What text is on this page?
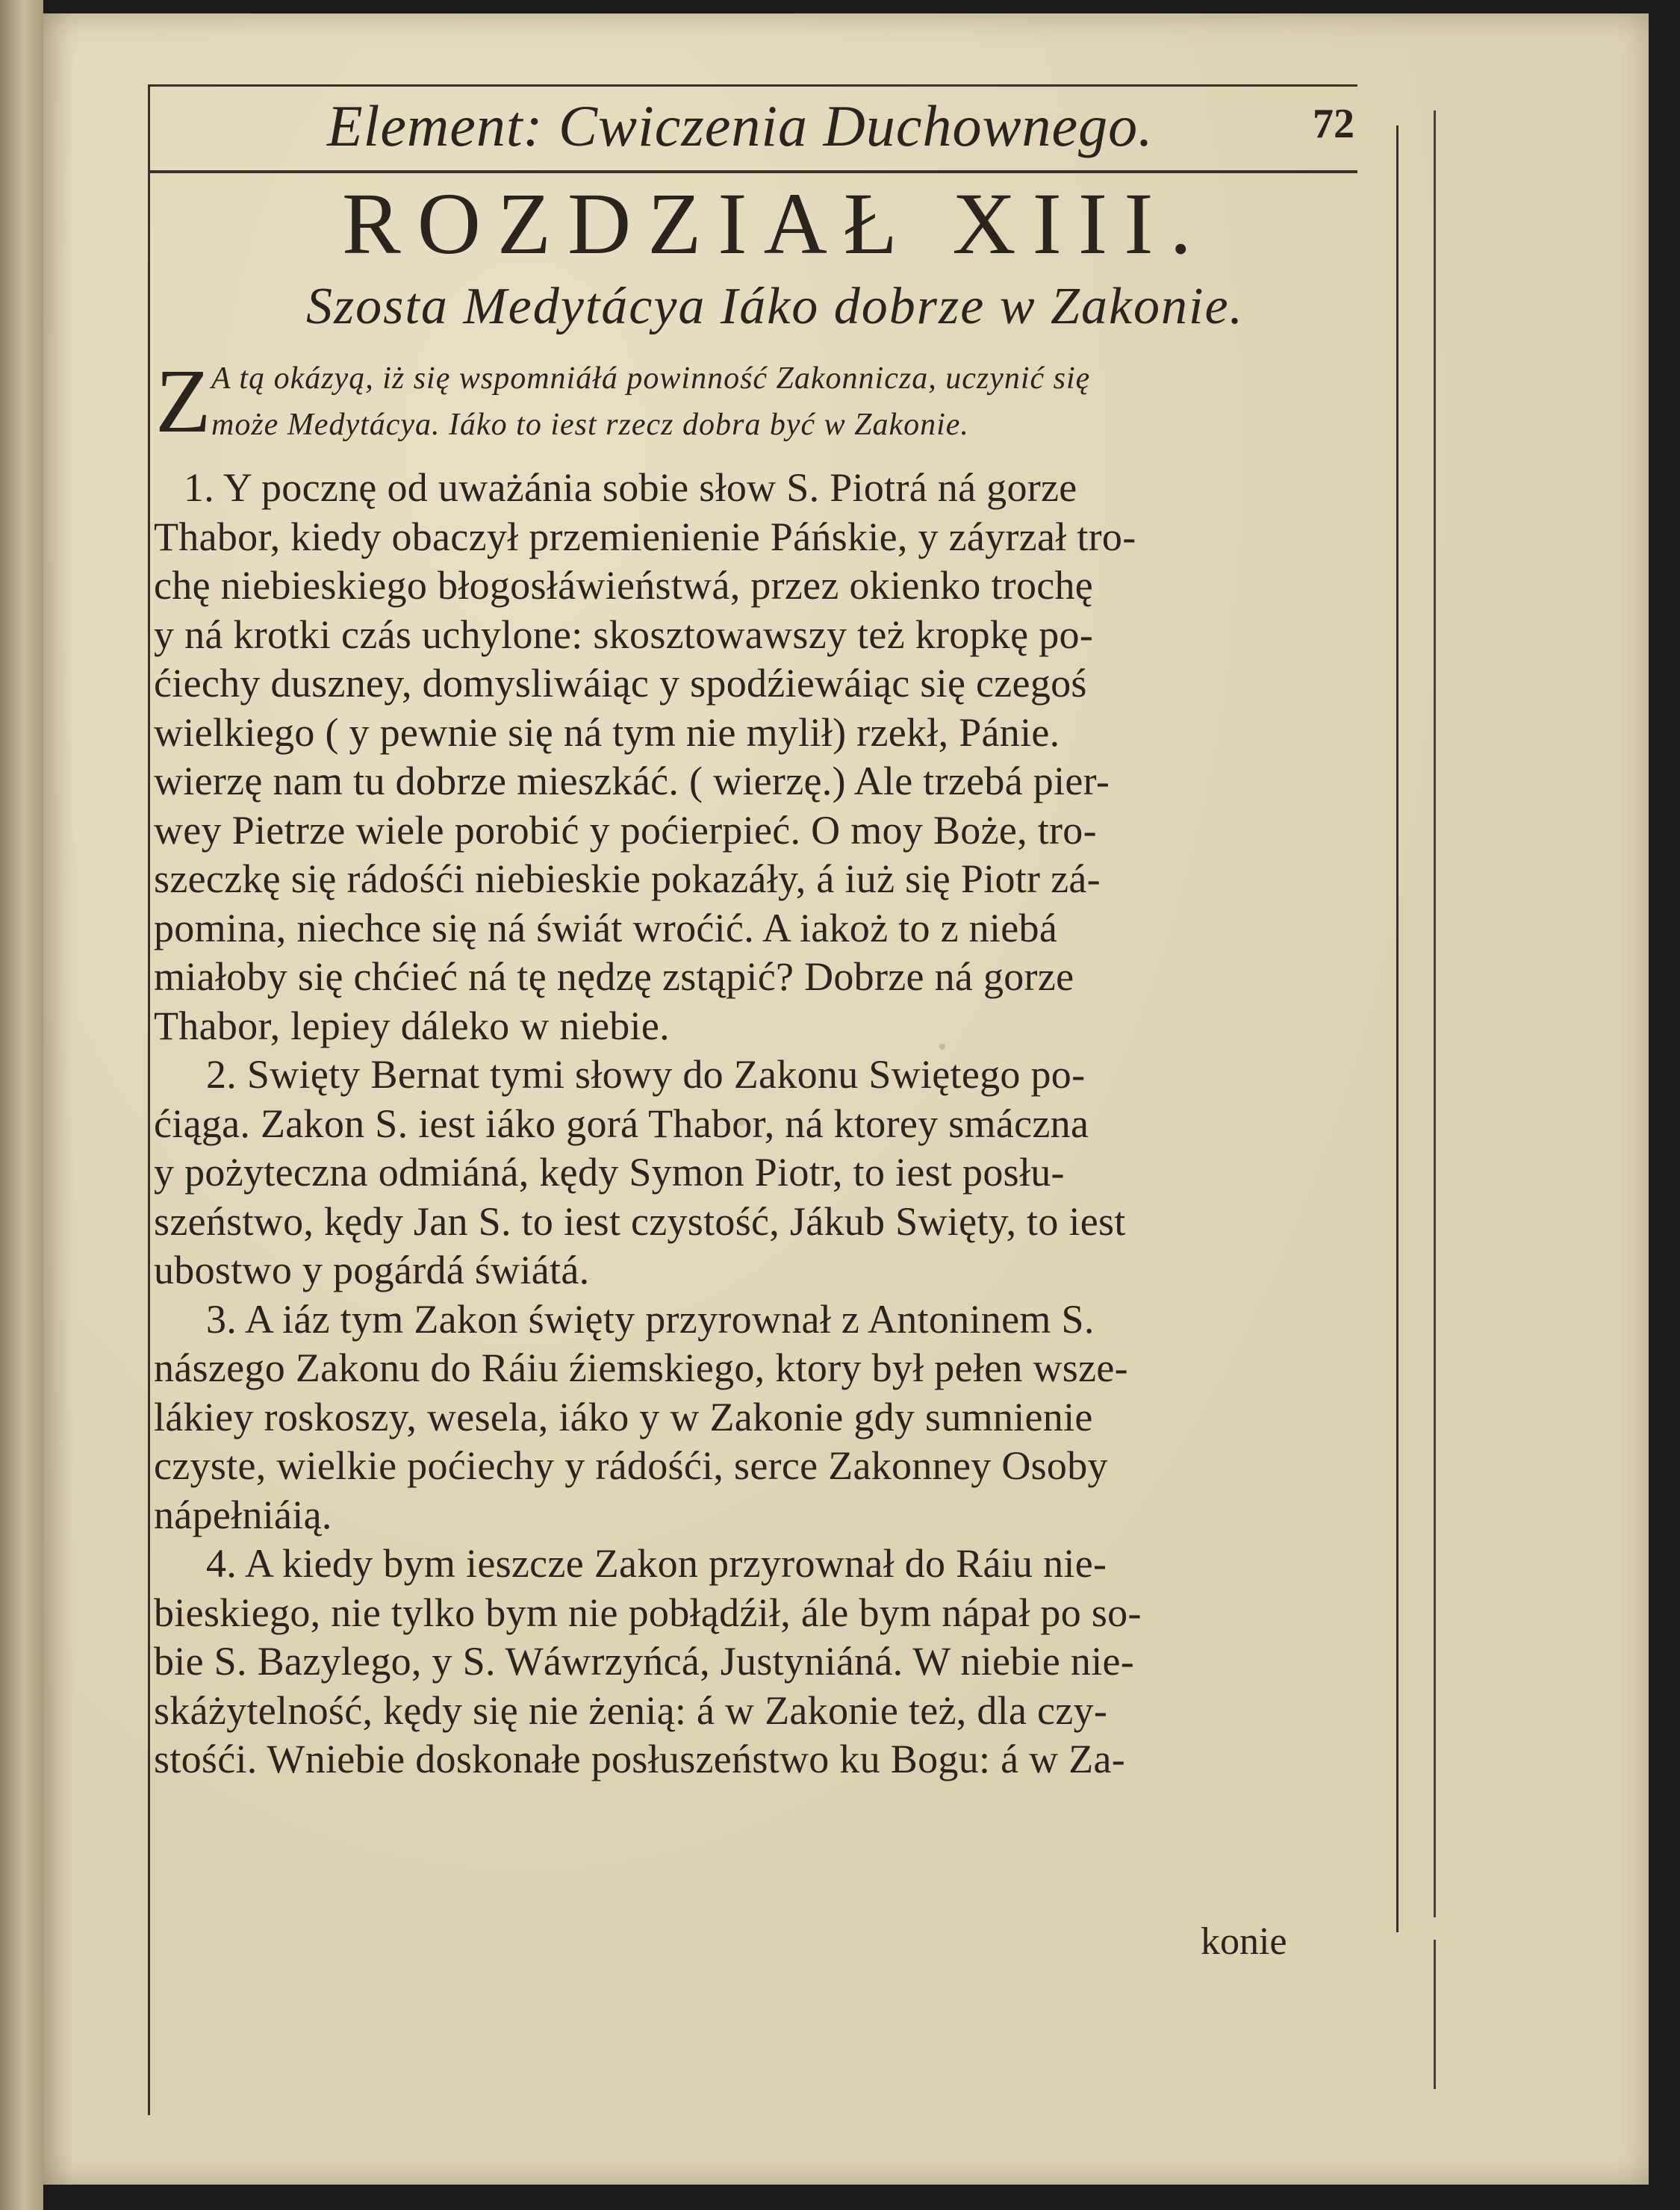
Element: Cwiczenia Duchownego.	72
ROZDZIAŁ XIII.
Szosta Medytácya Iáko dobrze w Zakonie.
Z A tą okázyą, iż się wspomniáłá powinność Zakonnicza, uczynić się
może Medytácya. Iáko to iest rzecz dobra być w Zakonie.
1. Y pocznę od uważánia sobie słow S. Piotrá ná gorze
Thabor, kiedy obaczył przemienienie Páńskie, y záyrzał tro-
chę niebieskiego błogosłáwieństwá, przez okienko trochę
y ná krotki czás uchylone: skosztowawszy też kropkę po-
ćiechy duszney, domysliwáiąc y spodźiewáiąc się czegoś
wielkiego ( y pewnie się ná tym nie mylił) rzekł, Pánie.
wierzę nam tu dobrze mieszkáć. ( wierzę.) Ale trzebá pier-
wey Pietrze wiele porobić y poćierpieć. O moy Boże, tro-
szeczkę się rádośći niebieskie pokazáły, á iuż się Piotr zá-
pomina, niechce się ná świát wroćić. A iakoż to z niebá
miałoby się chćieć ná tę nędzę zstąpić? Dobrze ná gorze
Thabor, lepiey dáleko w niebie.
2. Swięty Bernat tymi słowy do Zakonu Swiętego po-
ćiąga. Zakon S. iest iáko gorá Thabor, ná ktorey smáczna
y pożyteczna odmiáná, kędy Symon Piotr, to iest posłu-
szeństwo, kędy Jan S. to iest czystość, Jákub Swięty, to iest
ubostwo y pogárdá świátá.
3. A iáz tym Zakon święty przyrownał z Antoninem S.
nászego Zakonu do Ráiu źiemskiego, ktory był pełen wsze-
lákiey roskoszy, wesela, iáko y w Zakonie gdy sumnienie
czyste, wielkie poćiechy y rádośći, serce Zakonney Osoby
nápełniáią.
4. A kiedy bym ieszcze Zakon przyrownał do Ráiu nie-
bieskiego, nie tylko bym nie pobłądźił, ále bym nápał po so-
bie S. Bazylego, y S. Wáwrzyńcá, Justyniáná. W niebie nie-
skáżytelność, kędy się nie żenią: á w Zakonie też, dla czy-
stośći. Wniebie doskonałe posłuszeństwo ku Bogu: á w Za-
konie
